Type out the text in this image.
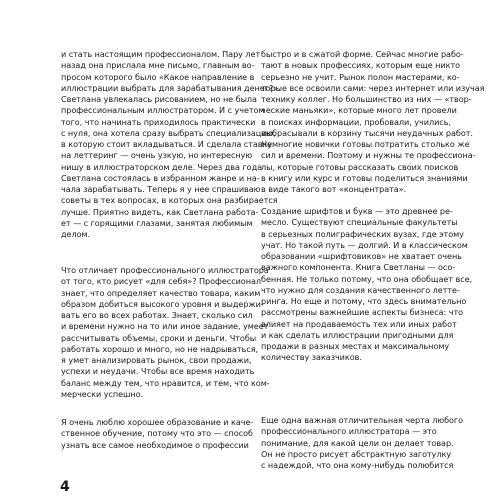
и стать настоящим профессионалом. Пару лет
назад она прислала мне письмо, главным во-
просом которого было «Какое направление в
иллюстрации выбрать для зарабатывания денег?».
Светлана увлекалась рисованием, но не была
профессиональным иллюстратором. И с учетом
того, что начинать приходилось практически
с нуля, она хотела сразу выбрать специализацию,
в которую стоит вкладываться. И сделала ставку
на леттеринг — очень узкую, но интересную
нишу в иллюстраторском деле. Через два года
Светлана состоялась в избранном жанре и на-
чала зарабатывать. Теперь я у нее спрашиваю
советы в тех вопросах, в которых она разбирается
лучше. Приятно видеть, как Светлана работа-
ет — с горящими глазами, занятая любимым
делом.
Что отличает профессионального иллюстратора
от того, кто рисует «для себя»? Профессионал
знает, что определяет качество товара, каким
образом добиться высокого уровня и выдержи-
вать его во всех работах. Знает, сколько сил
и времени нужно на то или иное задание, умеет
рассчитывать объемы, сроки и деньги. Чтобы
работать хорошо и много, но не надрываться,
я умет анализировать рынок, свои продажи,
успехи и неудачи. Чтобы все время находить
баланс между тем, что нравится, и тем, что ком-
мерчески успешно.
Я очень люблю хорошее образование и каче-
ственное обучение, потому что это — способ
узнать все самое необходимое о профессии
быстро и в сжатой форме. Сейчас многие рабо-
тают в новых профессиях, которым еще никто
серьезно не учит. Рынок полон мастерами, ко-
торые все освоили сами: через интернет или изучая
технику коллег. Но большинство из них — «твор-
ческие маньяки», которые много лет провели
в поисках информации, пробовали, учились,
выбрасывали в корзину тысячи неудачных работ.
Немногие новички готовы потратить столько же
сил и времени. Поэтому и нужны те профессиона-
лы, которые готовы рассказать своих поисков
в книгу или курс и готовы поделиться знаниями
в виде такого вот «концентрата».
Создание шрифтов и букв — это древнее ре-
месло. Существуют специальные факультеты
в серьезных полиграфических вузах, где этому
учат. Но такой путь — долгий. И в классическом
образовании «шрифтовиков» не хватает очень
важного компонента. Книга Светланы — осо-
бенная. Не только потому, что она обобщает все,
что нужно для создания качественного летте-
ринга. Но еще и потому, что здесь внимательно
рассмотрены важнейшие аспекты бизнеса: что
влияет на продаваемость тех или иных работ
и как сделать иллюстрации пригодными для
продажи в разных местах и максимальному
количеству заказчиков.
Еще одна важная отличительная черта любого
профессионального иллюстратора — это
понимание, для какой цели он делает товар.
Он не просто рисует абстрактную заготулку
с надеждой, что она кому-нибудь полюбится
4
